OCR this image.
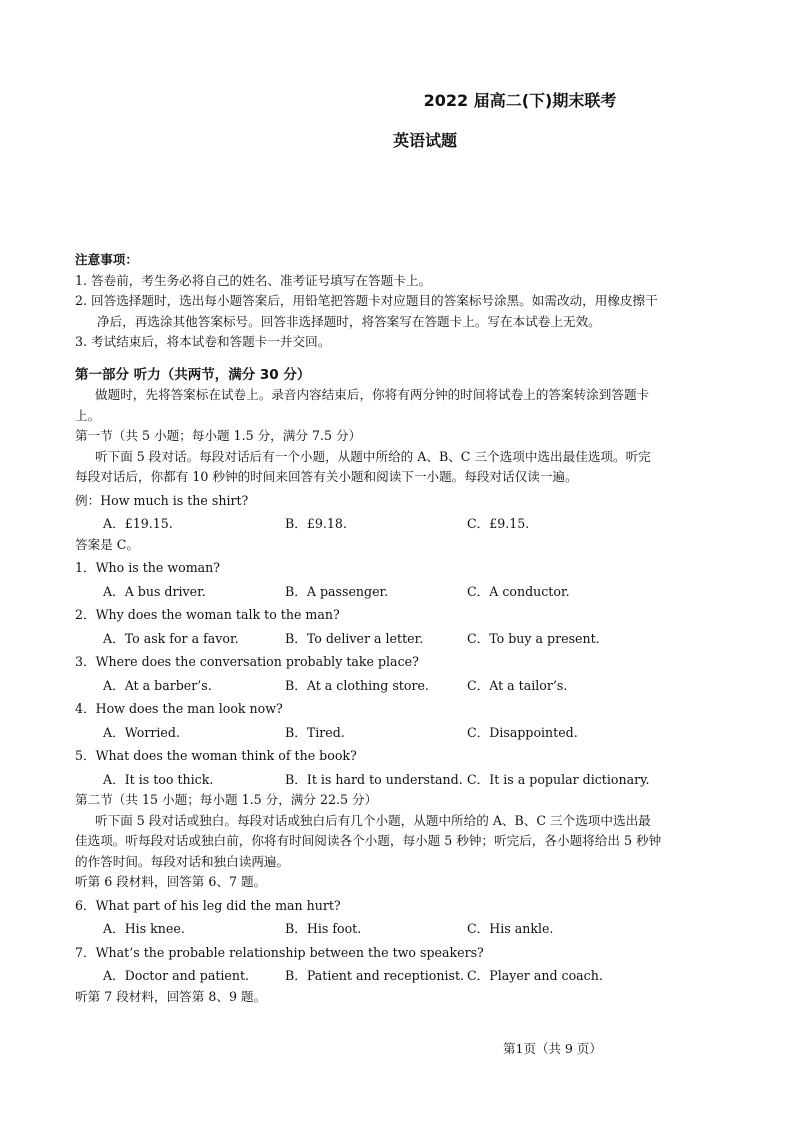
2022 届高二(下)期末联考
英语试题
注意事项：
1. 答卷前，考生务必将自己的姓名、准考证号填写在答题卡上。
2. 回答选择题时，选出每小题答案后，用铅笔把答题卡对应题目的答案标号涂黑。如需改动，用橡皮擦干
净后，再选涂其他答案标号。回答非选择题时，将答案写在答题卡上。写在本试卷上无效。
3. 考试结束后，将本试卷和答题卡一并交回。
第一部分 听力（共两节，满分 30 分）
做题时，先将答案标在试卷上。录音内容结束后，你将有两分钟的时间将试卷上的答案转涂到答题卡
上。
第一节（共 5 小题；每小题 1.5 分，满分 7.5 分）
听下面 5 段对话。每段对话后有一个小题，从题中所给的 A、B、C 三个选项中选出最佳选项。听完
每段对话后，你都有 10 秒钟的时间来回答有关小题和阅读下一小题。每段对话仅读一遍。
例：How much is the shirt?
A．£19.15.	B．£9.18.	C．£9.15.
答案是 C。
1．Who is the woman?
A．A bus driver.	B．A passenger.	C．A conductor.
2．Why does the woman talk to the man?
A．To ask for a favor.	B．To deliver a letter.	C．To buy a present.
3．Where does the conversation probably take place?
A．At a barber’s.	B．At a clothing store.	C．At a tailor’s.
4．How does the man look now?
A．Worried.	B．Tired.	C．Disappointed.
5．What does the woman think of the book?
A．It is too thick.	B．It is hard to understand. C．It is a popular dictionary.
第二节（共 15 小题；每小题 1.5 分，满分 22.5 分）
听下面 5 段对话或独白。每段对话或独白后有几个小题，从题中所给的 A、B、C 三个选项中选出最
佳选项。听每段对话或独白前，你将有时间阅读各个小题，每小题 5 秒钟；听完后，各小题将给出 5 秒钟
的作答时间。每段对话和独白读两遍。
听第 6 段材料，回答第 6、7 题。
6．What part of his leg did the man hurt?
A．His knee.	B．His foot.	C．His ankle.
7．What’s the probable relationship between the two speakers?
A．Doctor and patient.	B．Patient and receptionist. C．Player and coach.
听第 7 段材料，回答第 8、9 题。
第1页（共 9 页）
